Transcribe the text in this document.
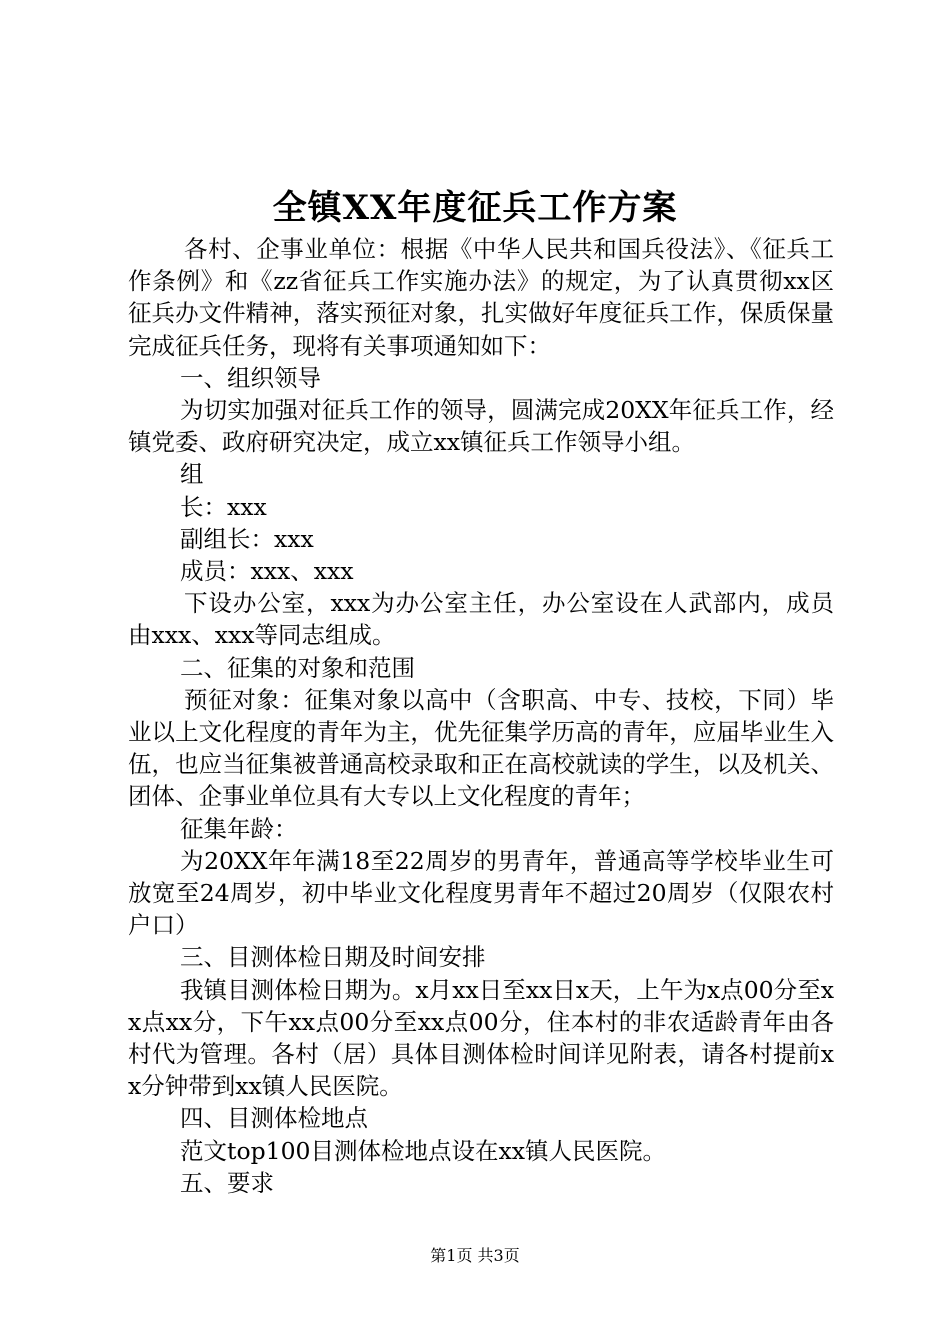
全镇XX年度征兵工作方案

各村、企事业单位：根据《中华人民共和国兵役法》、《征兵工作条例》和《zz省征兵工作实施办法》的规定，为了认真贯彻xx区征兵办文件精神，落实预征对象，扎实做好年度征兵工作，保质保量完成征兵任务，现将有关事项通知如下：

一、组织领导

为切实加强对征兵工作的领导，圆满完成20XX年征兵工作，经镇党委、政府研究决定，成立xx镇征兵工作领导小组。

组

长：xxx

副组长：xxx

成员：xxx、xxx

下设办公室，xxx为办公室主任，办公室设在人武部内，成员由xxx、xxx等同志组成。

二、征集的对象和范围

预征对象：征集对象以高中（含职高、中专、技校，下同）毕业以上文化程度的青年为主，优先征集学历高的青年，应届毕业生入伍，也应当征集被普通高校录取和正在高校就读的学生，以及机关、团体、企事业单位具有大专以上文化程度的青年；

征集年龄：

为20XX年年满18至22周岁的男青年，普通高等学校毕业生可放宽至24周岁，初中毕业文化程度男青年不超过20周岁（仅限农村户口）

三、目测体检日期及时间安排

我镇目测体检日期为。x月xx日至xx日x天，上午为x点00分至xx点xx分，下午xx点00分至xx点00分，住本村的非农适龄青年由各村代为管理。各村（居）具体目测体检时间详见附表，请各村提前xx分钟带到xx镇人民医院。

四、目测体检地点

范文top100目测体检地点设在xx镇人民医院。

五、要求

第1页 共3页
